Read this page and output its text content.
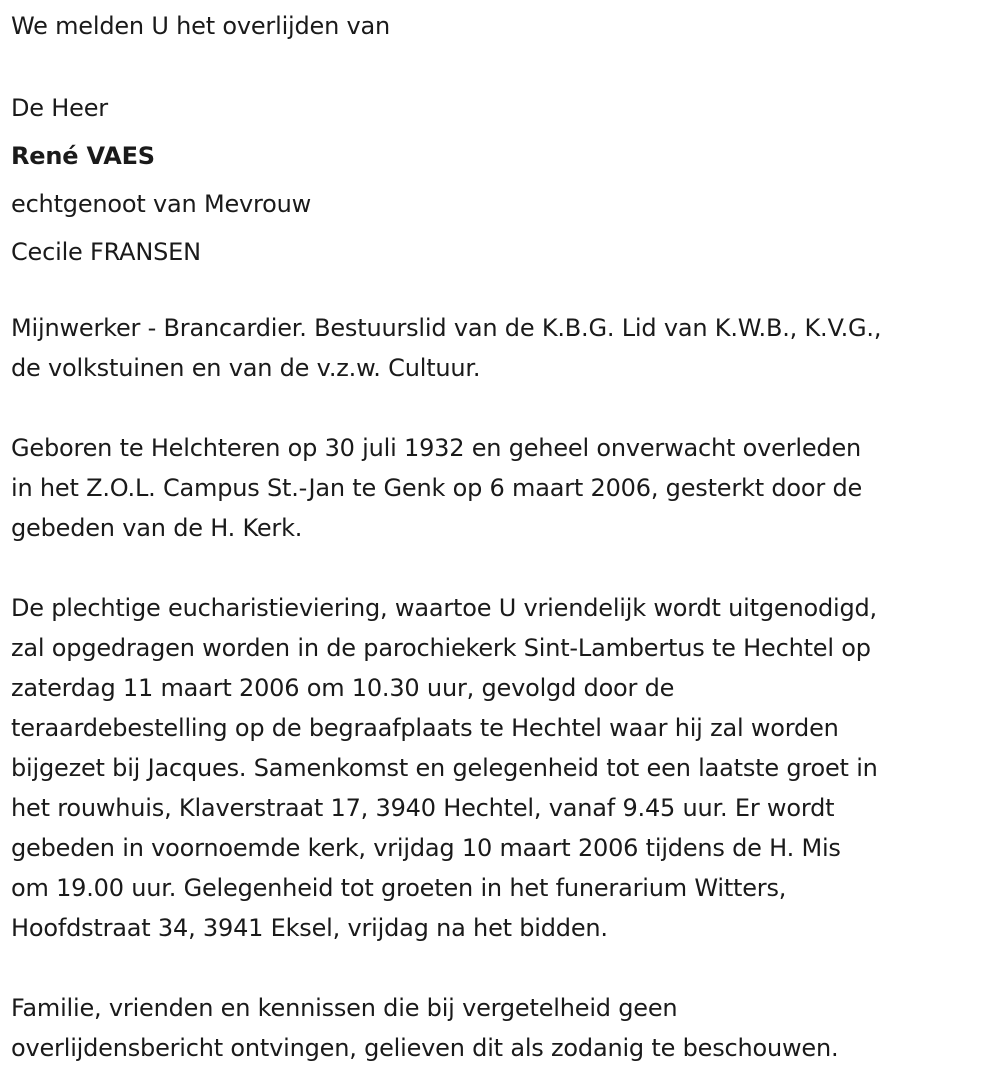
We melden U het overlijden van
De Heer
René VAES
echtgenoot van Mevrouw
Cecile FRANSEN
Mijnwerker - Brancardier. Bestuurslid van de K.B.G. Lid van K.W.B., K.V.G.,
de volkstuinen en van de v.z.w. Cultuur.
Geboren te Helchteren op 30 juli 1932 en geheel onverwacht overleden
in het Z.O.L. Campus St.-Jan te Genk op 6 maart 2006, gesterkt door de
gebeden van de H. Kerk.
De plechtige eucharistieviering, waartoe U vriendelijk wordt uitgenodigd,
zal opgedragen worden in de parochiekerk Sint-Lambertus te Hechtel op
zaterdag 11 maart 2006 om 10.30 uur, gevolgd door de
teraardebestelling op de begraafplaats te Hechtel waar hij zal worden
bijgezet bij Jacques. Samenkomst en gelegenheid tot een laatste groet in
het rouwhuis, Klaverstraat 17, 3940 Hechtel, vanaf 9.45 uur. Er wordt
gebeden in voornoemde kerk, vrijdag 10 maart 2006 tijdens de H. Mis
om 19.00 uur. Gelegenheid tot groeten in het funerarium Witters,
Hoofdstraat 34, 3941 Eksel, vrijdag na het bidden.
Familie, vrienden en kennissen die bij vergetelheid geen
overlijdensbericht ontvingen, gelieven dit als zodanig te beschouwen.
